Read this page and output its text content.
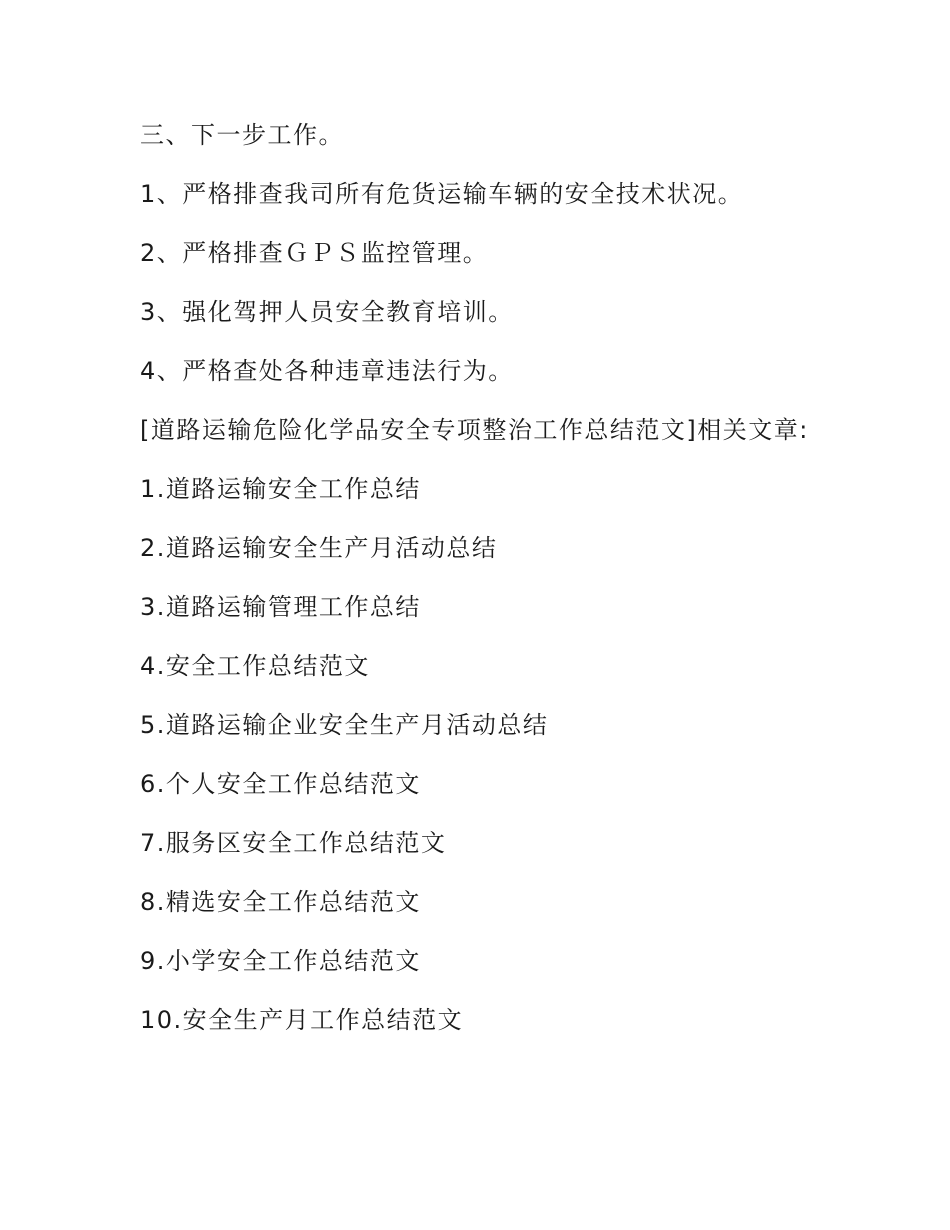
三、下一步工作。

1、严格排查我司所有危货运输车辆的安全技术状况。

2、严格排查ＧＰＳ监控管理。

3、强化驾押人员安全教育培训。

4、严格查处各种违章违法行为。

[道路运输危险化学品安全专项整治工作总结范文]相关文章:

1.道路运输安全工作总结

2.道路运输安全生产月活动总结

3.道路运输管理工作总结

4.安全工作总结范文

5.道路运输企业安全生产月活动总结

6.个人安全工作总结范文

7.服务区安全工作总结范文

8.精选安全工作总结范文

9.小学安全工作总结范文

10.安全生产月工作总结范文
